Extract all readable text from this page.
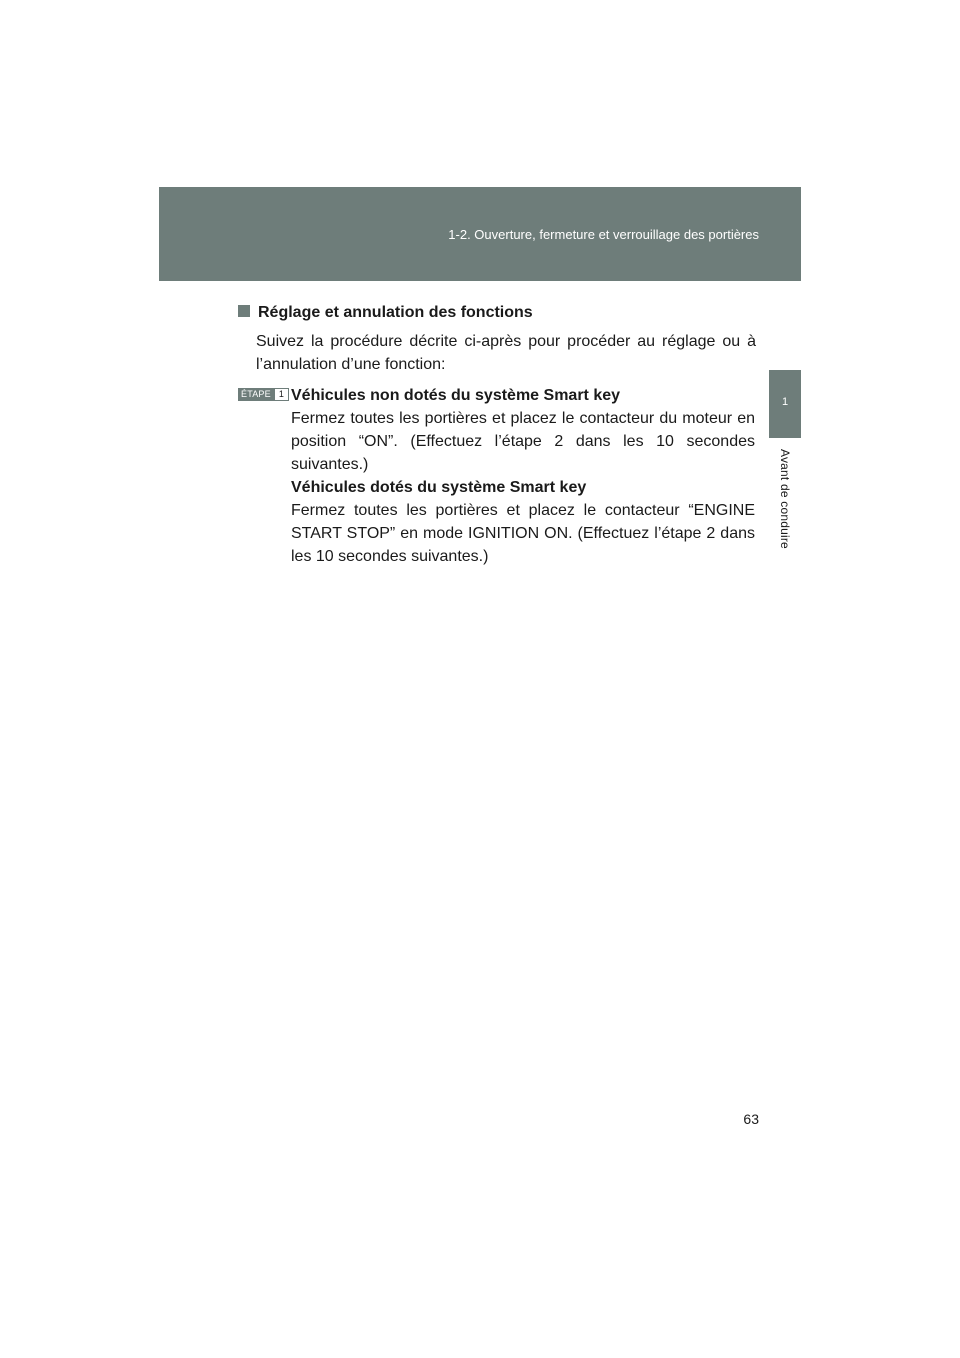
1-2. Ouverture, fermeture et verrouillage des portières
1
Avant de conduire
Réglage et annulation des fonctions
Suivez la procédure décrite ci-après pour procéder au réglage ou à l’annulation d’une fonction:
ÉTAPE 1 Véhicules non dotés du système Smart key

Fermez toutes les portières et placez le contacteur du moteur en position “ON”. (Effectuez l’étape 2 dans les 10 secondes suivantes.)

Véhicules dotés du système Smart key

Fermez toutes les portières et placez le contacteur “ENGINE START STOP” en mode IGNITION ON. (Effectuez l’étape 2 dans les 10 secondes suivantes.)

63
